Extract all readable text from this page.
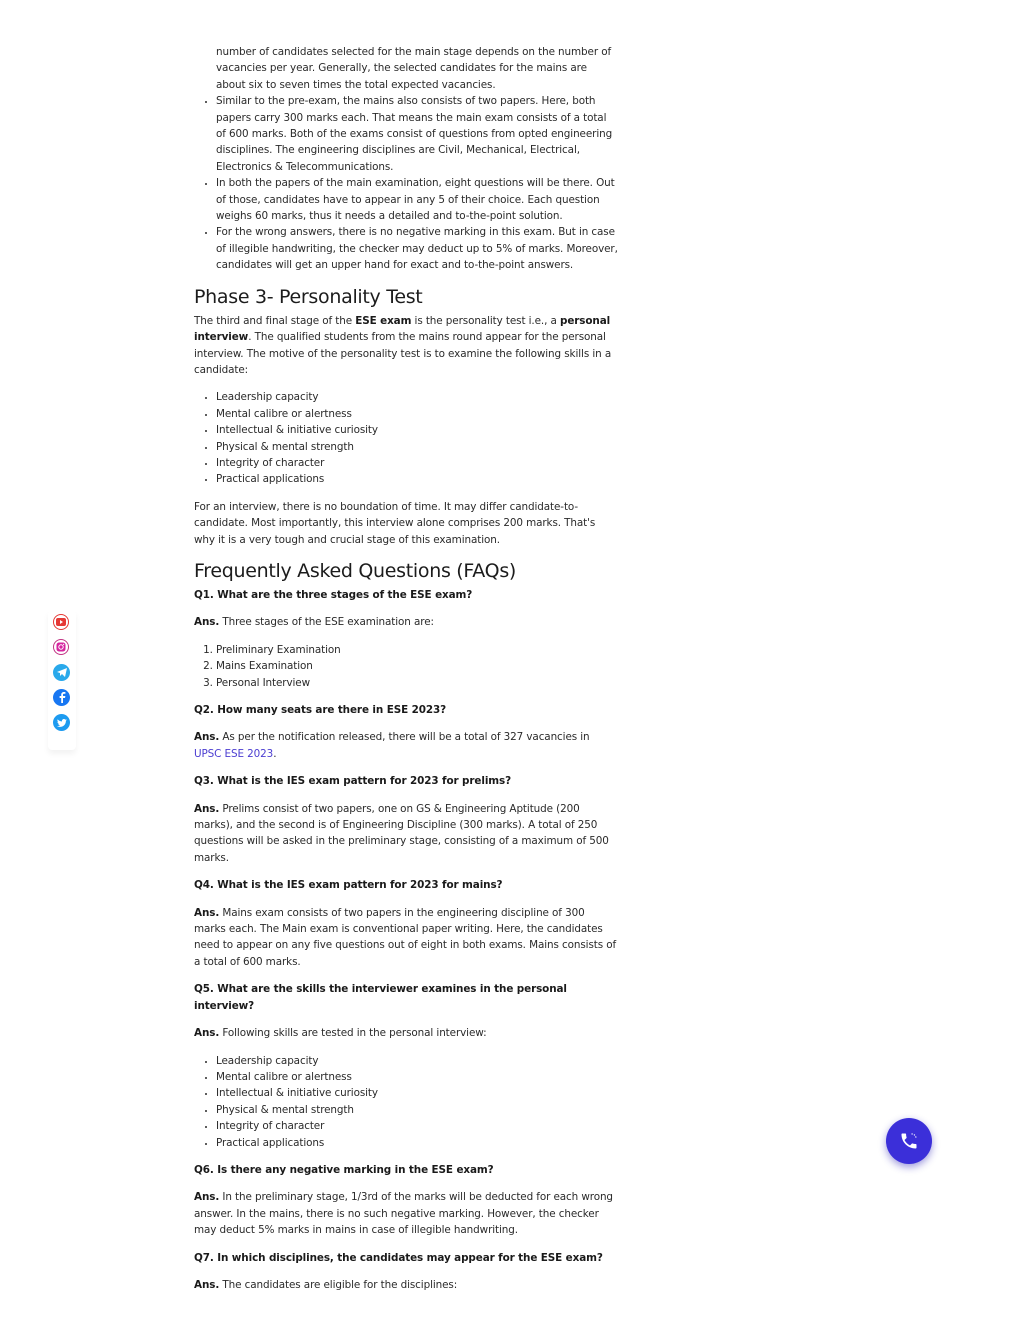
number of candidates selected for the main stage depends on the number of vacancies per year. Generally, the selected candidates for the mains are about six to seven times the total expected vacancies.
• Similar to the pre-exam, the mains also consists of two papers. Here, both papers carry 300 marks each. That means the main exam consists of a total of 600 marks. Both of the exams consist of questions from opted engineering disciplines. The engineering disciplines are Civil, Mechanical, Electrical, Electronics & Telecommunications.
• In both the papers of the main examination, eight questions will be there. Out of those, candidates have to appear in any 5 of their choice. Each question weighs 60 marks, thus it needs a detailed and to-the-point solution.
• For the wrong answers, there is no negative marking in this exam. But in case of illegible handwriting, the checker may deduct up to 5% of marks. Moreover, candidates will get an upper hand for exact and to-the-point answers.
Phase 3- Personality Test

The third and final stage of the ESE exam is the personality test i.e., a personal interview. The qualified students from the mains round appear for the personal interview. The motive of the personality test is to examine the following skills in a candidate:

• Leadership capacity
• Mental calibre or alertness
• Intellectual & initiative curiosity
• Physical & mental strength
• Integrity of character
• Practical applications

For an interview, there is no boundation of time. It may differ candidate-to-candidate. Most importantly, this interview alone comprises 200 marks. That's why it is a very tough and crucial stage of this examination.

Frequently Asked Questions (FAQs)

Q1. What are the three stages of the ESE exam?

Ans. Three stages of the ESE examination are:

1. Preliminary Examination
2. Mains Examination
3. Personal Interview

Q2. How many seats are there in ESE 2023?

Ans. As per the notification released, there will be a total of 327 vacancies in UPSC ESE 2023.

Q3. What is the IES exam pattern for 2023 for prelims?

Ans. Prelims consist of two papers, one on GS & Engineering Aptitude (200 marks), and the second is of Engineering Discipline (300 marks). A total of 250 questions will be asked in the preliminary stage, consisting of a maximum of 500 marks.

Q4. What is the IES exam pattern for 2023 for mains?

Ans. Mains exam consists of two papers in the engineering discipline of 300 marks each. The Main exam is conventional paper writing. Here, the candidates need to appear on any five questions out of eight in both exams. Mains consists of a total of 600 marks.

Q5. What are the skills the interviewer examines in the personal interview?

Ans. Following skills are tested in the personal interview:

• Leadership capacity
• Mental calibre or alertness
• Intellectual & initiative curiosity
• Physical & mental strength
• Integrity of character
• Practical applications

Q6. Is there any negative marking in the ESE exam?

Ans. In the preliminary stage, 1/3rd of the marks will be deducted for each wrong answer. In the mains, there is no such negative marking. However, the checker may deduct 5% marks in mains in case of illegible handwriting.

Q7. In which disciplines, the candidates may appear for the ESE exam?

Ans. The candidates are eligible for the disciplines:
